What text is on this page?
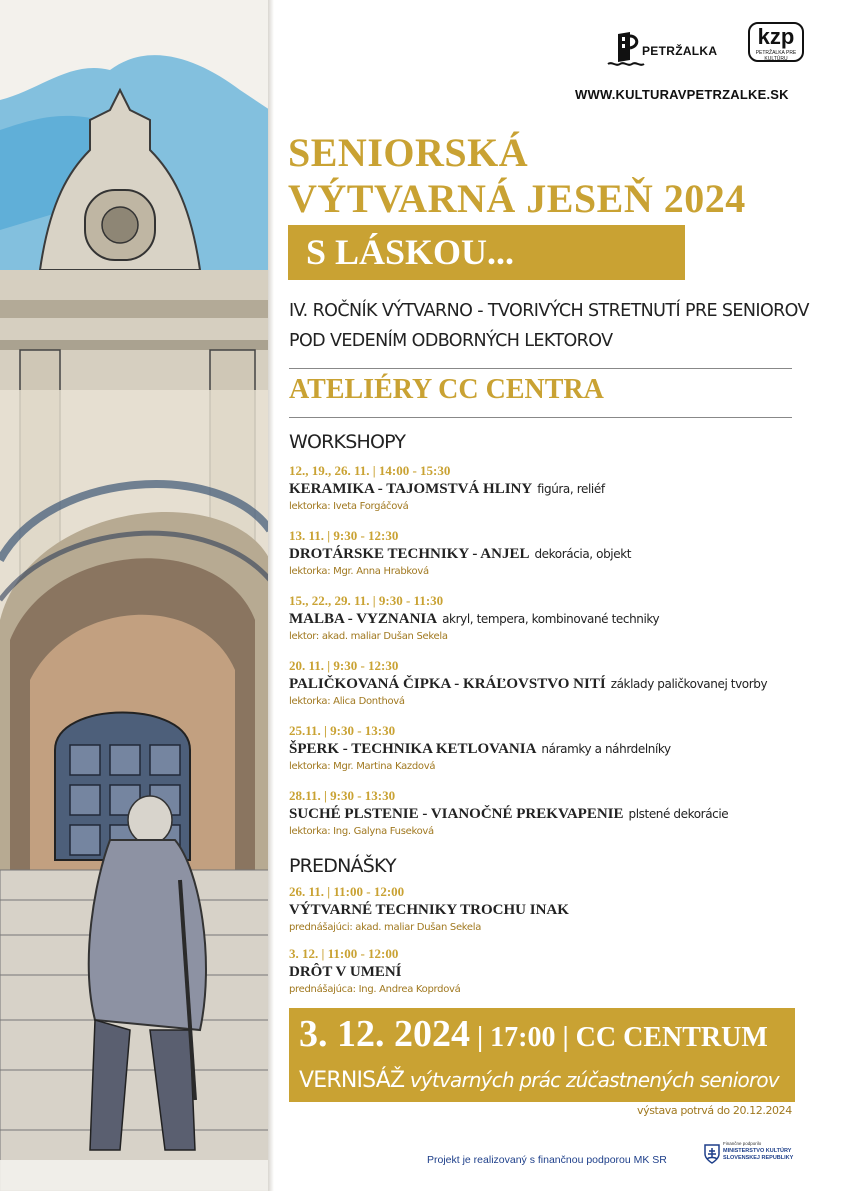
PETRŽALKA
kzp
PETRŽALKA PRE KULTÚRU
WWW.KULTURAVPETRZALKE.SK
SENIORSKÁ
VÝTVARNÁ JESEŇ 2024
S LÁSKOU...
IV. ROČNÍK VÝTVARNO - TVORIVÝCH STRETNUTÍ PRE SENIOROV
POD VEDENÍM ODBORNÝCH LEKTOROV
ATELIÉRY CC CENTRA
WORKSHOPY
12., 19., 26. 11. | 14:00 - 15:30
KERAMIKA - TAJOMSTVÁ HLINY figúra, reliéf
lektorka: Iveta Forgáčová
13. 11. | 9:30 - 12:30
DROTÁRSKE TECHNIKY - ANJEL dekorácia, objekt
lektorka: Mgr. Anna Hrabková
15., 22., 29. 11. | 9:30 - 11:30
MALBA - VYZNANIA akryl, tempera, kombinované techniky
lektor: akad. maliar Dušan Sekela
20. 11. | 9:30 - 12:30
PALIČKOVANÁ ČIPKA - KRÁĽOVSTVO NITÍ základy paličkovanej tvorby
lektorka: Alica Donthová
25.11. | 9:30 - 13:30
ŠPERK - TECHNIKA KETLOVANIA náramky a náhrdelníky
lektorka: Mgr. Martina Kazdová
28.11. | 9:30 - 13:30
SUCHÉ PLSTENIE - VIANOČNÉ PREKVAPENIE plstené dekorácie
lektorka: Ing. Galyna Fuseková
PREDNÁŠKY
26. 11. | 11:00 - 12:00
VÝTVARNÉ TECHNIKY TROCHU INAK
prednášajúci: akad. maliar Dušan Sekela
3. 12. | 11:00 - 12:00
DRÔT V UMENÍ
prednášajúca: Ing. Andrea Koprdová
3. 12. 2024 | 17:00 | CC CENTRUM
VERNISÁŽ výtvarných prác zúčastnených seniorov
výstava potrvá do 20.12.2024
Projekt je realizovaný s finančnou podporou MK SR
Finančne podporilo
MINISTERSTVO KULTÚRY SLOVENSKEJ REPUBLIKY
